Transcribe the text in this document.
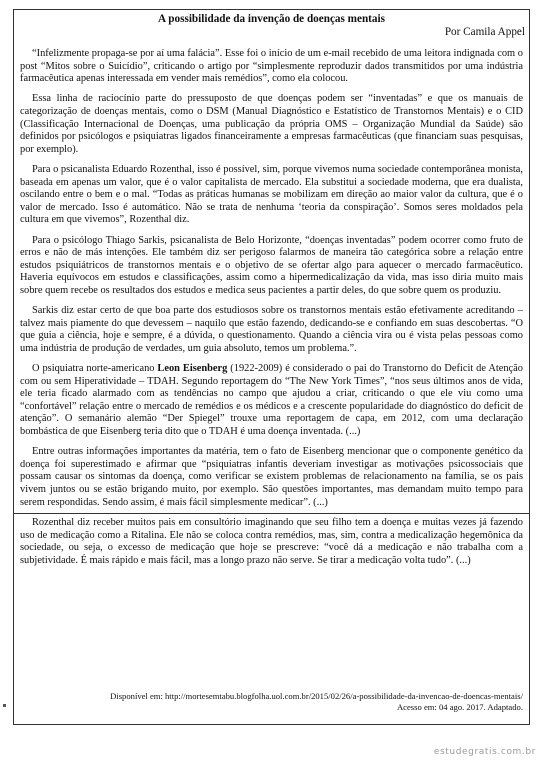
A possibilidade da invenção de doenças mentais
Por Camila Appel

“Infelizmente propaga-se por aí uma falácia”. Esse foi o início de um e-mail recebido de uma leitora indignada com o post “Mitos sobre o Suicídio”, criticando o artigo por “simplesmente reproduzir dados transmitidos por uma indústria farmacêutica apenas interessada em vender mais remédios”, como ela colocou.

Essa linha de raciocínio parte do pressuposto de que doenças podem ser “inventadas” e que os manuais de categorização de doenças mentais, como o DSM (Manual Diagnóstico e Estatístico de Transtornos Mentais) e o CID (Classificação Internacional de Doenças, uma publicação da própria OMS – Organização Mundial da Saúde) são definidos por psicólogos e psiquiatras ligados financeiramente a empresas farmacêuticas (que financiam suas pesquisas, por exemplo).

Para o psicanalista Eduardo Rozenthal, isso é possível, sim, porque vivemos numa sociedade contemporânea monista, baseada em apenas um valor, que é o valor capitalista de mercado. Ela substitui a sociedade moderna, que era dualista, oscilando entre o bem e o mal. “Todas as práticas humanas se mobilizam em direção ao maior valor da cultura, que é o valor de mercado. Isso é automático. Não se trata de nenhuma ‘teoria da conspiração’. Somos seres moldados pela cultura em que vivemos”, Rozenthal diz.

Para o psicólogo Thiago Sarkis, psicanalista de Belo Horizonte, “doenças inventadas” podem ocorrer como fruto de erros e não de más intenções. Ele também diz ser perigoso falarmos de maneira tão categórica sobre a relação entre estudos psiquiátricos de transtornos mentais e o objetivo de se ofertar algo para aquecer o mercado farmacêutico. Haveria equívocos em estudos e classificações, assim como a hipermedicalização da vida, mas isso diria muito mais sobre quem recebe os resultados dos estudos e medica seus pacientes a partir deles, do que sobre quem os produziu.

Sarkis diz estar certo de que boa parte dos estudiosos sobre os transtornos mentais estão efetivamente acreditando – talvez mais piamente do que devessem – naquilo que estão fazendo, dedicando-se e confiando em suas descobertas. “O que guia a ciência, hoje e sempre, é a dúvida, o questionamento. Quando a ciência vira ou é vista pelas pessoas como uma indústria de produção de verdades, um guia absoluto, temos um problema.”.

O psiquiatra norte-americano Leon Eisenberg (1922-2009) é considerado o pai do Transtorno do Deficit de Atenção com ou sem Hiperatividade – TDAH. Segundo reportagem do “The New York Times”, “nos seus últimos anos de vida, ele teria ficado alarmado com as tendências no campo que ajudou a criar, criticando o que ele viu como uma “confortável” relação entre o mercado de remédios e os médicos e a crescente popularidade do diagnóstico do deficit de atenção”. O semanário alemão “Der Spiegel” trouxe uma reportagem de capa, em 2012, com uma declaração bombástica de que Eisenberg teria dito que o TDAH é uma doença inventada. (...)

Entre outras informações importantes da matéria, tem o fato de Eisenberg mencionar que o componente genético da doença foi superestimado e afirmar que “psiquiatras infantis deveriam investigar as motivações psicossociais que possam causar os sintomas da doença, como verificar se existem problemas de relacionamento na família, se os pais vivem juntos ou se estão brigando muito, por exemplo. São questões importantes, mas demandam muito tempo para serem respondidas. Sendo assim, é mais fácil simplesmente medicar”. (...)

Rozenthal diz receber muitos pais em consultório imaginando que seu filho tem a doença e muitas vezes já fazendo uso de medicação como a Ritalina. Ele não se coloca contra remédios, mas, sim, contra a medicalização hegemônica da sociedade, ou seja, o excesso de medicação que hoje se prescreve: “você dá a medicação e não trabalha com a subjetividade. É mais rápido e mais fácil, mas a longo prazo não serve. Se tirar a medicação volta tudo”. (...)

Disponível em: http://mortesemtabu.blogfolha.uol.com.br/2015/02/26/a-possibilidade-da-invencao-de-doencas-mentais/
Acesso em: 04 ago. 2017. Adaptado.
estudegratis.com.br
